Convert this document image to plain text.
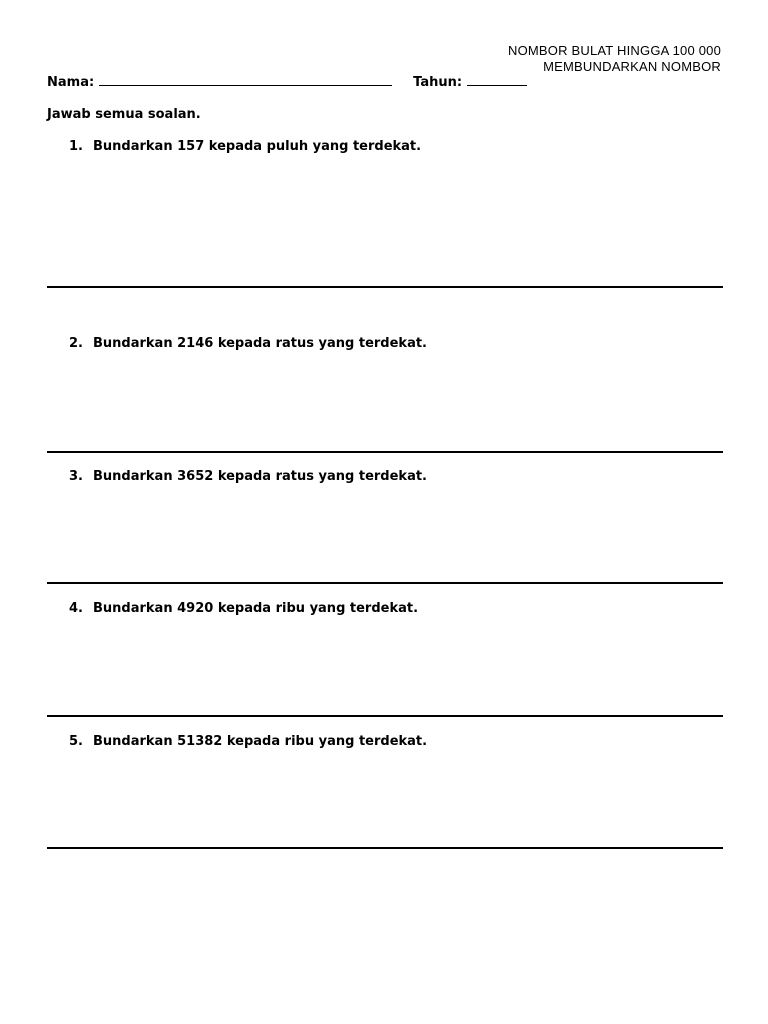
NOMBOR BULAT HINGGA 100 000
MEMBUNDARKAN NOMBOR
Nama:	Tahun:
Jawab semua soalan.
1. Bundarkan 157 kepada puluh yang terdekat.
2. Bundarkan 2146 kepada ratus yang terdekat.
3. Bundarkan 3652 kepada ratus yang terdekat.
4. Bundarkan 4920 kepada ribu yang terdekat.
5. Bundarkan 51382 kepada ribu yang terdekat.
